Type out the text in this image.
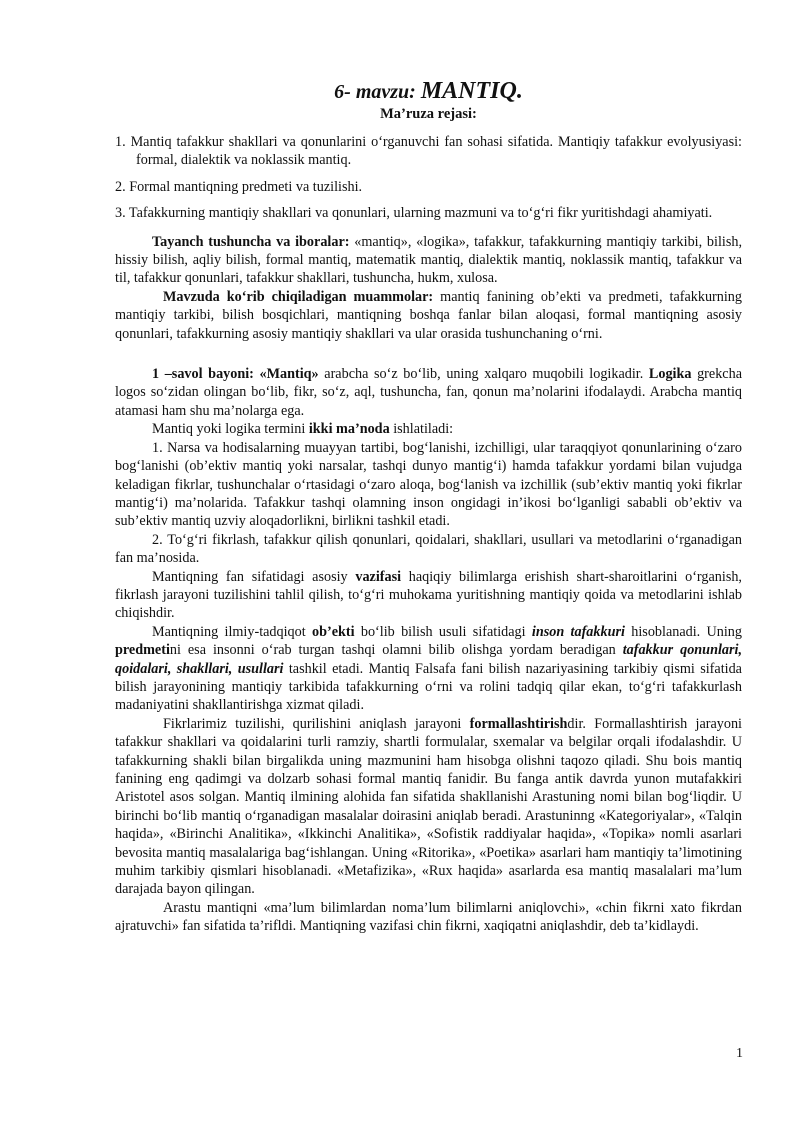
6- mavzu: MANTIQ.
Ma’ruza rejasi:
1. Mantiq tafakkur shakllari va qonunlarini o‘rganuvchi fan sohasi sifatida. Mantiqiy tafakkur evolyusiyasi: formal, dialektik va noklassik mantiq.
2. Formal mantiqning predmeti va tuzilishi.
3. Tafakkurning mantiqiy shakllari va qonunlari, ularning mazmuni va to‘g‘ri fikr yuritishdagi ahamiyati.

Tayanch tushuncha va iboralar: «mantiq», «logika», tafakkur, tafakkurning mantiqiy tarkibi, bilish, hissiy bilish, aqliy bilish, formal mantiq, matematik mantiq, dialektik mantiq, noklassik mantiq, tafakkur va til, tafakkur qonunlari, tafakkur shakllari, tushuncha, hukm, xulosa.

Mavzuda ko‘rib chiqiladigan muammolar: mantiq fanining ob’ekti va predmeti, tafakkurning mantiqiy tarkibi, bilish bosqichlari, mantiqning boshqa fanlar bilan aloqasi, formal mantiqning asosiy qonunlari, tafakkurning asosiy mantiqiy shakllari va ular orasida tushunchaning o‘rni.

1 –savol bayoni: «Mantiq» arabcha so‘z bo‘lib, uning xalqaro muqobili logikadir. Logika grekcha logos so‘zidan olingan bo‘lib, fikr, so‘z, aql, tushuncha, fan, qonun ma’nolarini ifodalaydi. Arabcha mantiq atamasi ham shu ma’nolarga ega.

Mantiq yoki logika termini ikki ma’noda ishlatiladi:

1. Narsa va hodisalarning muayyan tartibi, bog‘lanishi, izchilligi, ular taraqqiyot qonunlarining o‘zaro bog‘lanishi (ob’ektiv mantiq yoki narsalar, tashqi dunyo mantig‘i) hamda tafakkur yordami bilan vujudga keladigan fikrlar, tushunchalar o‘rtasidagi o‘zaro aloqa, bog‘lanish va izchillik (sub’ektiv mantiq yoki fikrlar mantig‘i) ma’nolarida. Tafakkur tashqi olamning inson ongidagi in’ikosi bo‘lganligi sababli ob’ektiv va sub’ektiv mantiq uzviy aloqadorlikni, birlikni tashkil etadi.

2. To‘g‘ri fikrlash, tafakkur qilish qonunlari, qoidalari, shakllari, usullari va metodlarini o‘rganadigan fan ma’nosida.

Mantiqning fan sifatidagi asosiy vazifasi haqiqiy bilimlarga erishish shart-sharoitlarini o‘rganish, fikrlash jarayoni tuzilishini tahlil qilish, to‘g‘ri muhokama yuritishning mantiqiy qoida va metodlarini ishlab chiqishdir.

Mantiqning ilmiy-tadqiqot ob’ekti bo‘lib bilish usuli sifatidagi inson tafakkuri hisoblanadi. Uning predmetini esa insonni o‘rab turgan tashqi olamni bilib olishga yordam beradigan tafakkur qonunlari, qoidalari, shakllari, usullari tashkil etadi. Mantiq Falsafa fani bilish nazariyasining tarkibiy qismi sifatida bilish jarayonining mantiqiy tarkibida tafakkurning o‘rni va rolini tadqiq qilar ekan, to‘g‘ri tafakkurlash madaniyatini shakllantirishga xizmat qiladi.

Fikrlarimiz tuzilishi, qurilishini aniqlash jarayoni formallashtirishdir. Formallashtirish jarayoni tafakkur shakllari va qoidalarini turli ramziy, shartli formulalar, sxemalar va belgilar orqali ifodalashdir. U tafakkurning shakli bilan birgalikda uning mazmunini ham hisobga olishni taqozo qiladi. Shu bois mantiq fanining eng qadimgi va dolzarb sohasi formal mantiq fanidir. Bu fanga antik davrda yunon mutafakkiri Aristotel asos solgan. Mantiq ilmining alohida fan sifatida shakllanishi Arastuning nomi bilan bog‘liqdir. U birinchi bo‘lib mantiq o‘rganadigan masalalar doirasini aniqlab beradi. Arastuninng «Kategoriyalar», «Talqin haqida», «Birinchi Analitika», «Ikkinchi Analitika», «Sofistik raddiyalar haqida», «Topika» nomli asarlari bevosita mantiq masalalariga bag‘ishlangan. Uning «Ritorika», «Poetika» asarlari ham mantiqiy ta’limotining muhim tarkibiy qismlari hisoblanadi. «Metafizika», «Rux haqida» asarlarda esa mantiq masalalari ma’lum darajada bayon qilingan.

Arastu mantiqni «ma’lum bilimlardan noma’lum bilimlarni aniqlovchi», «chin fikrni xato fikrdan ajratuvchi» fan sifatida ta’rifldi. Mantiqning vazifasi chin fikrni, xaqiqatni aniqlashdir, deb ta’kidlaydi.

1
